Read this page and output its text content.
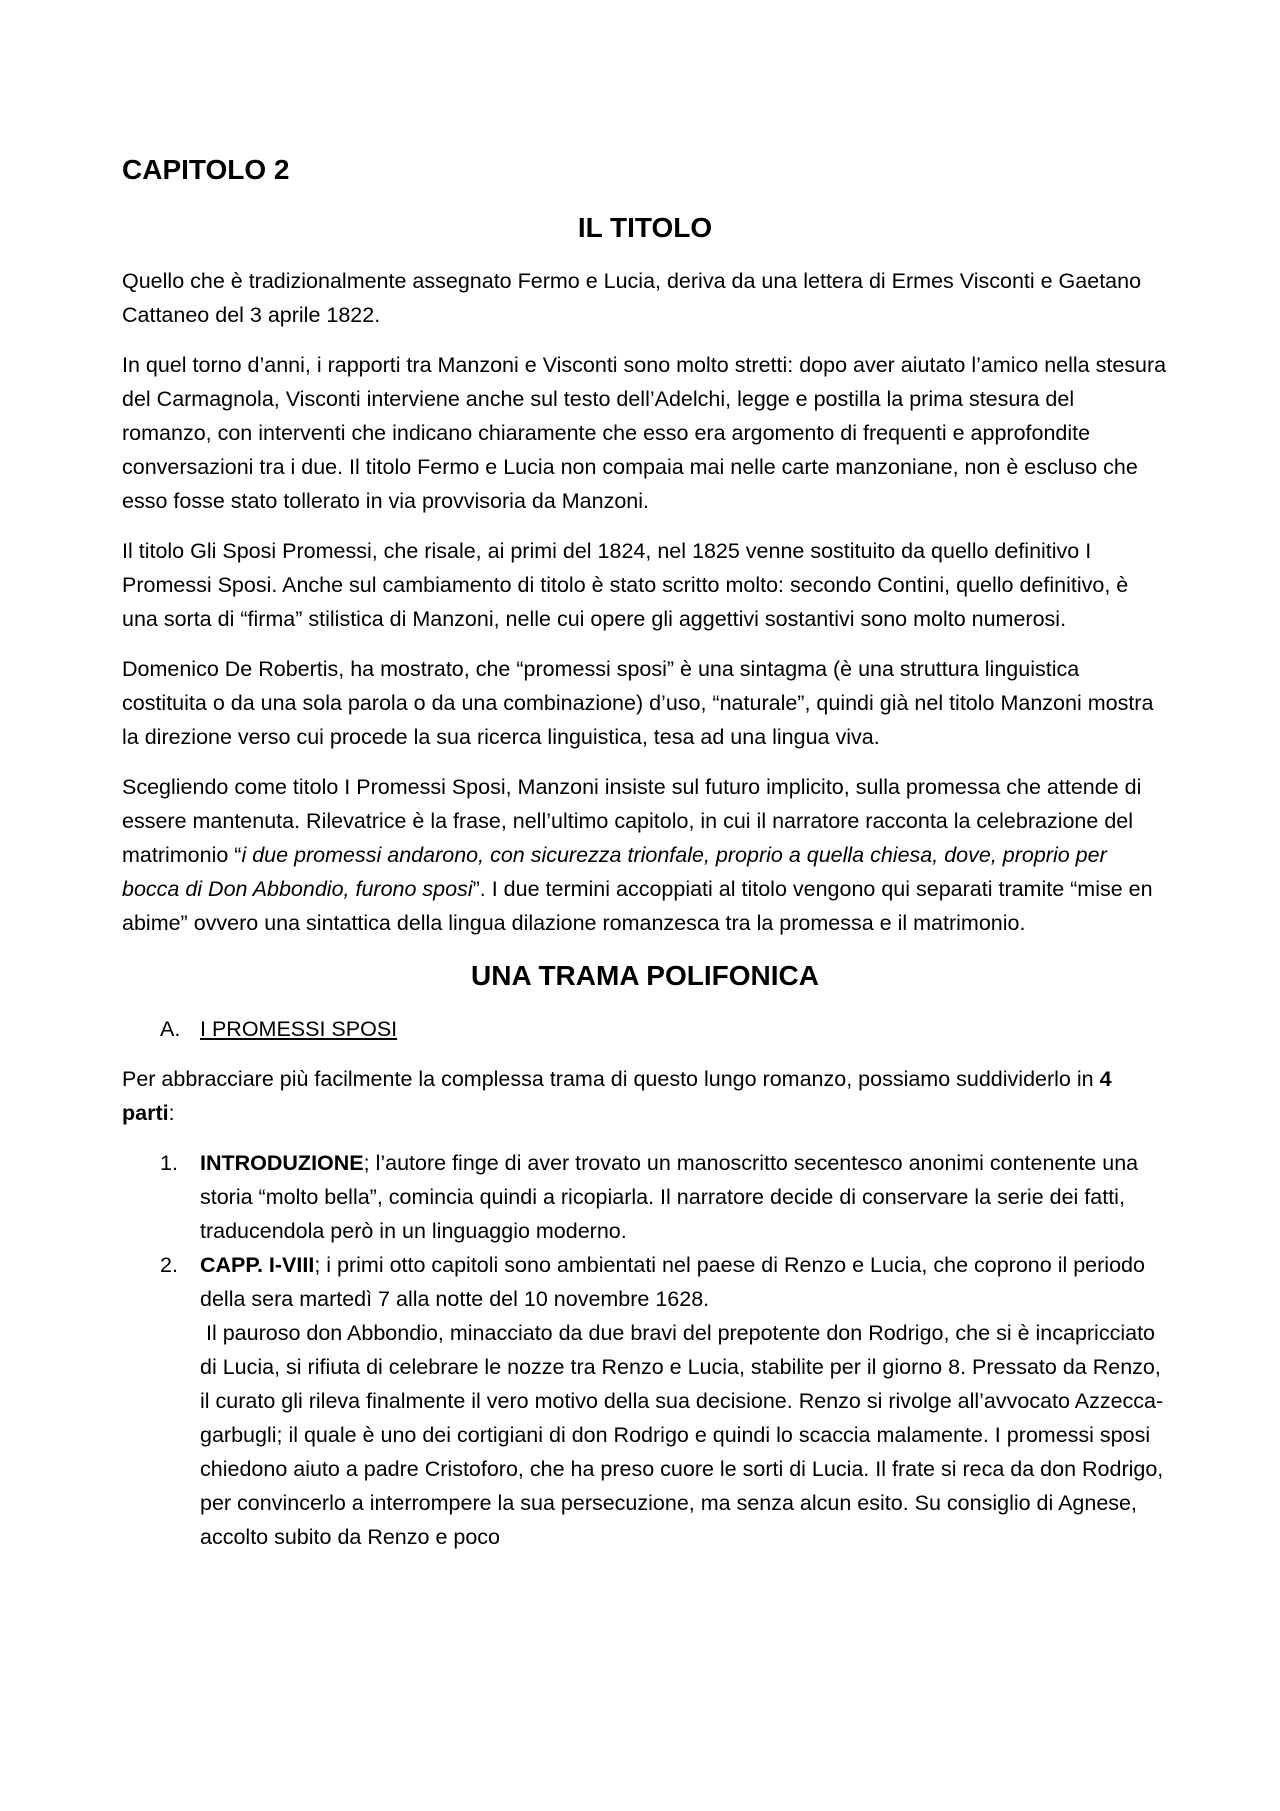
CAPITOLO 2
IL TITOLO

Quello che è tradizionalmente assegnato Fermo e Lucia, deriva da una lettera di Ermes Visconti e Gaetano Cattaneo del 3 aprile 1822.

In quel torno d’anni, i rapporti tra Manzoni e Visconti sono molto stretti: dopo aver aiutato l’amico nella stesura del Carmagnola, Visconti interviene anche sul testo dell’Adelchi, legge e postilla la prima stesura del romanzo, con interventi che indicano chiaramente che esso era argomento di frequenti e approfondite conversazioni tra i due. Il titolo Fermo e Lucia non compaia mai nelle carte manzoniane, non è escluso che esso fosse stato tollerato in via provvisoria da Manzoni.

Il titolo Gli Sposi Promessi, che risale, ai primi del 1824, nel 1825 venne sostituito da quello definitivo I Promessi Sposi. Anche sul cambiamento di titolo è stato scritto molto: secondo Contini, quello definitivo, è una sorta di “firma” stilistica di Manzoni, nelle cui opere gli aggettivi sostantivi sono molto numerosi.

Domenico De Robertis, ha mostrato, che “promessi sposi” è una sintagma (è una struttura linguistica costituita o da una sola parola o da una combinazione) d’uso, “naturale”, quindi già nel titolo Manzoni mostra la direzione verso cui procede la sua ricerca linguistica, tesa ad una lingua viva.

Scegliendo come titolo I Promessi Sposi, Manzoni insiste sul futuro implicito, sulla promessa che attende di essere mantenuta. Rilevatrice è la frase, nell’ultimo capitolo, in cui il narratore racconta la celebrazione del matrimonio “i due promessi andarono, con sicurezza trionfale, proprio a quella chiesa, dove, proprio per bocca di Don Abbondio, furono sposi”. I due termini accoppiati al titolo vengono qui separati tramite “mise en abime” ovvero una sintattica della lingua dilazione romanzesca tra la promessa e il matrimonio.

UNA TRAMA POLIFONICA
A. I PROMESSI SPOSI

Per abbracciare più facilmente la complessa trama di questo lungo romanzo, possiamo suddividerlo in 4 parti:

1.	INTRODUZIONE; l’autore finge di aver trovato un manoscritto secentesco anonimi contenente una storia “molto bella”, comincia quindi a ricopiarla. Il narratore decide di conservare la serie dei fatti, traducendola però in un linguaggio moderno.
2.	CAPP. I-VIII; i primi otto capitoli sono ambientati nel paese di Renzo e Lucia, che coprono il periodo della sera martedì 7 alla notte del 10 novembre 1628.
Il pauroso don Abbondio, minacciato da due bravi del prepotente don Rodrigo, che si è incapricciato di Lucia, si rifiuta di celebrare le nozze tra Renzo e Lucia, stabilite per il giorno 8. Pressato da Renzo, il curato gli rileva finalmente il vero motivo della sua decisione. Renzo si rivolge all’avvocato Azzecca-garbugli; il quale è uno dei cortigiani di don Rodrigo e quindi lo scaccia malamente. I promessi sposi chiedono aiuto a padre Cristoforo, che ha preso cuore le sorti di Lucia. Il frate si reca da don Rodrigo, per convincerlo a interrompere la sua persecuzione, ma senza alcun esito. Su consiglio di Agnese, accolto subito da Renzo e poco
